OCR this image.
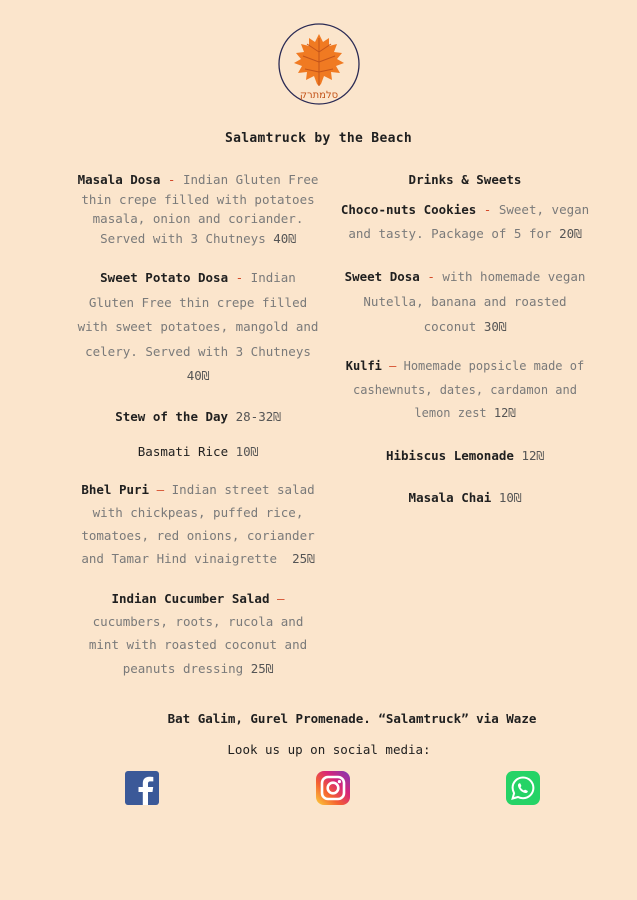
סלמתרק
Salamtruck by the Beach
Masala Dosa - Indian Gluten Free thin crepe filled with potatoes masala, onion and coriander. Served with 3 Chutneys 40₪
Sweet Potato Dosa - Indian Gluten Free thin crepe filled with sweet potatoes, mangold and celery. Served with 3 Chutneys 40₪
Stew of the Day 28-32₪
Basmati Rice 10₪
Bhel Puri – Indian street salad with chickpeas, puffed rice, tomatoes, red onions, coriander and Tamar Hind vinaigrette 25₪
Indian Cucumber Salad – cucumbers, roots, rucola and mint with roasted coconut and peanuts dressing 25₪
Drinks & Sweets
Choco-nuts Cookies - Sweet, vegan and tasty. Package of 5 for 20₪
Sweet Dosa - with homemade vegan Nutella, banana and roasted coconut 30₪
Kulfi – Homemade popsicle made of cashewnuts, dates, cardamon and lemon zest 12₪
Hibiscus Lemonade 12₪
Masala Chai 10₪
Bat Galim, Gurel Promenade. “Salamtruck” via Waze
Look us up on social media:
